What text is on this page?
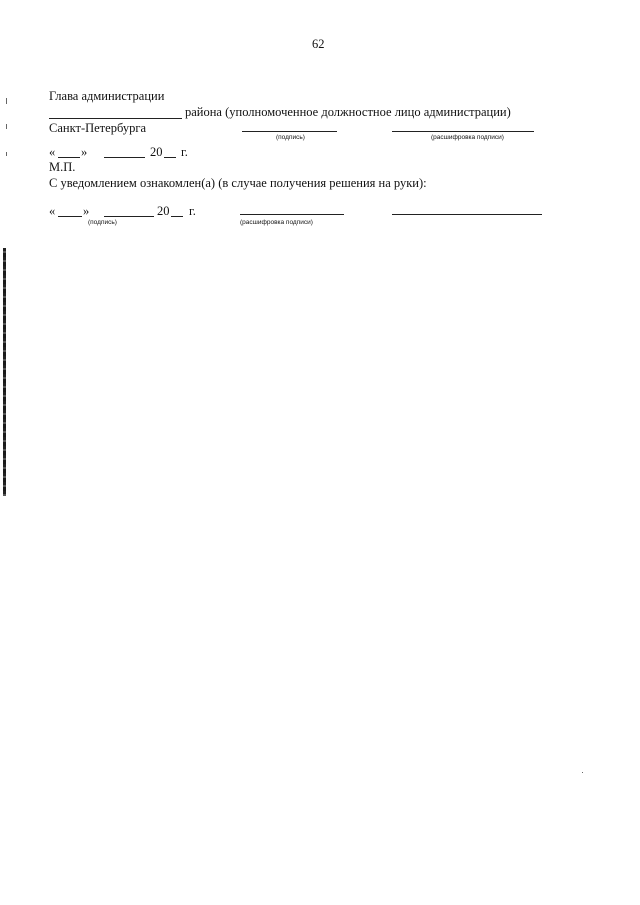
62
Глава администрации
района (уполномоченное должностное лицо администрации)
Санкт-Петербурга
(подпись)	(расшифровка подписи)
« »	20 г.
М.П.
С уведомлением ознакомлен(а) (в случае получения решения на руки):
« »	20 г.
(подпись)	(расшифровка подписи)
